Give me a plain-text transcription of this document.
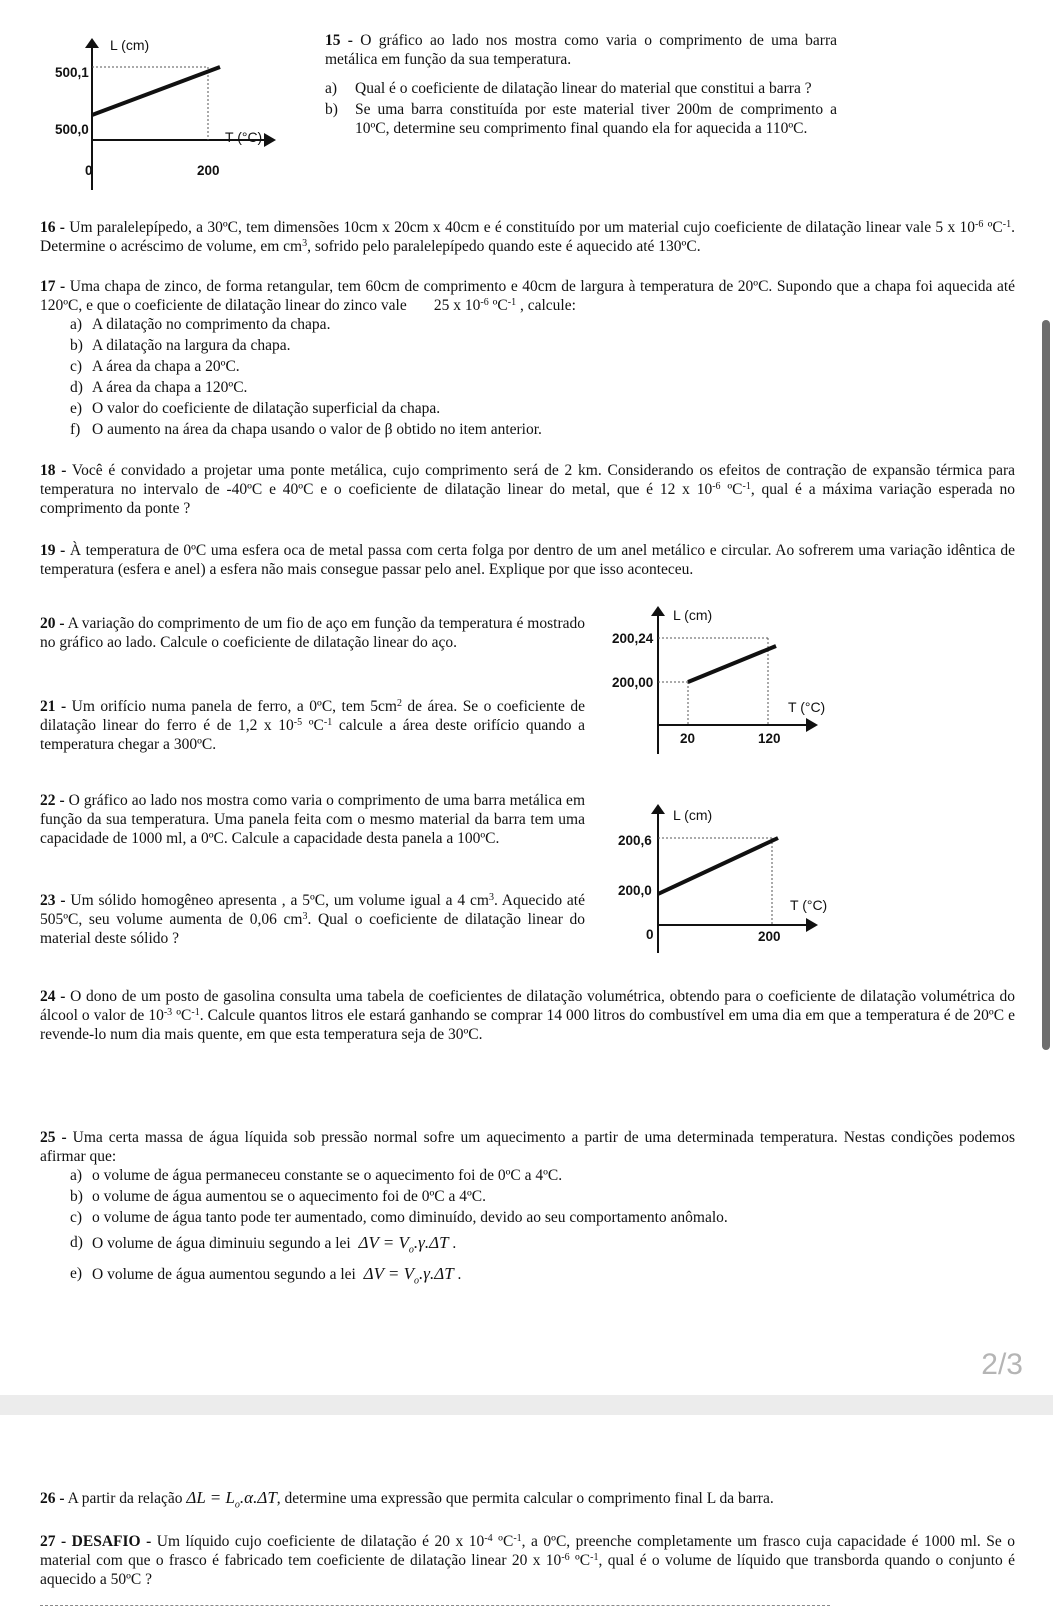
L (cm)
500,1
500,0	T (°C)
0	200
15 - O gráfico ao lado nos mostra como varia o comprimento de uma barra metálica em função da sua temperatura.
a)	Qual é o coeficiente de dilatação linear do material que constitui a barra ?
b)	Se uma barra constituída por este material tiver 200m de comprimento a 10ºC, determine seu comprimento final quando ela for aquecida a 110ºC.
16 - Um paralelepípedo, a 30ºC, tem dimensões 10cm x 20cm x 40cm e é constituído por um material cujo coeficiente de dilatação linear vale 5 x $10^{-6}$ ºC$^{-1}$. Determine o acréscimo de volume, em $cm^3$, sofrido pelo paralelepípedo quando este é aquecido até 130ºC.
17 - Uma chapa de zinco, de forma retangular, tem 60cm de comprimento e 40cm de largura à temperatura de 20ºC. Supondo que a chapa foi aquecida até 120ºC, e que o coeficiente de dilatação linear do zinco vale 25 x $10^{-6}$ ºC$^{-1}$ , calcule:
a) A dilatação no comprimento da chapa.
b) A dilatação na largura da chapa.
c) A área da chapa a 20ºC.
d) A área da chapa a 120ºC.
e) O valor do coeficiente de dilatação superficial da chapa.
f) O aumento na área da chapa usando o valor de β obtido no item anterior.
18 - Você é convidado a projetar uma ponte metálica, cujo comprimento será de 2 km. Considerando os efeitos de contração de expansão térmica para temperatura no intervalo de -40ºC e 40ºC e o coeficiente de dilatação linear do metal, que é 12 x $10^{-6}$ ºC$^{-1}$, qual é a máxima variação esperada no comprimento da ponte ?
19 - À temperatura de 0ºC uma esfera oca de metal passa com certa folga por dentro de um anel metálico e circular. Ao sofrerem uma variação idêntica de temperatura (esfera e anel) a esfera não mais consegue passar pelo anel. Explique por que isso aconteceu.
20 - A variação do comprimento de um fio de aço em função da temperatura é mostrado no gráfico ao lado. Calcule o coeficiente de dilatação linear do aço.
21 - Um orifício numa panela de ferro, a 0ºC, tem $5cm^2$ de área. Se o coeficiente de dilatação linear do ferro é de 1,2 x $10^{-5}$ ºC$^{-1}$ calcule a área deste orifício quando a temperatura chegar a 300ºC.
L (cm)
200,24
200,00
T (°C)
20	120
22 - O gráfico ao lado nos mostra como varia o comprimento de uma barra metálica em função da sua temperatura. Uma panela feita com o mesmo material da barra tem uma capacidade de 1000 ml, a 0ºC. Calcule a capacidade desta panela a 100ºC.
23 - Um sólido homogêneo apresenta , a 5ºC, um volume igual a 4 $cm^3$. Aquecido até 505ºC, seu volume aumenta de 0,06 $cm^3$. Qual o coeficiente de dilatação linear do material deste sólido ?
L (cm)
200,6
200,0
T (°C)
0	200
24 - O dono de um posto de gasolina consulta uma tabela de coeficientes de dilatação volumétrica, obtendo para o coeficiente de dilatação volumétrica do álcool o valor de $10^{-3}$ ºC$^{-1}$. Calcule quantos litros ele estará ganhando se comprar 14 000 litros do combustível em uma dia em que a temperatura é de 20ºC e revende-lo num dia mais quente, em que esta temperatura seja de 30ºC.
25 - Uma certa massa de água líquida sob pressão normal sofre um aquecimento a partir de uma determinada temperatura. Nestas condições podemos afirmar que:
a) o volume de água permaneceu constante se o aquecimento foi de 0ºC a 4ºC.
b) o volume de água aumentou se o aquecimento foi de 0ºC a 4ºC.
c) o volume de água tanto pode ter aumentado, como diminuído, devido ao seu comportamento anômalo.
d) O volume de água diminuiu segundo a lei $\Delta V = V_o.\gamma.\Delta T$ .
e) O volume de água aumentou segundo a lei $\Delta V = V_o.\gamma.\Delta T$ .
2/3
26 - A partir da relação $\Delta L = L_o.\alpha.\Delta T$, determine uma expressão que permita calcular o comprimento final L da barra.
27 - DESAFIO - Um líquido cujo coeficiente de dilatação é 20 x $10^{-4}$ ºC$^{-1}$, a 0ºC, preenche completamente um frasco cuja capacidade é 1000 ml. Se o material com que o frasco é fabricado tem coeficiente de dilatação linear 20 x $10^{-6}$ ºC$^{-1}$, qual é o volume de líquido que transborda quando o conjunto é aquecido a 50ºC ?
